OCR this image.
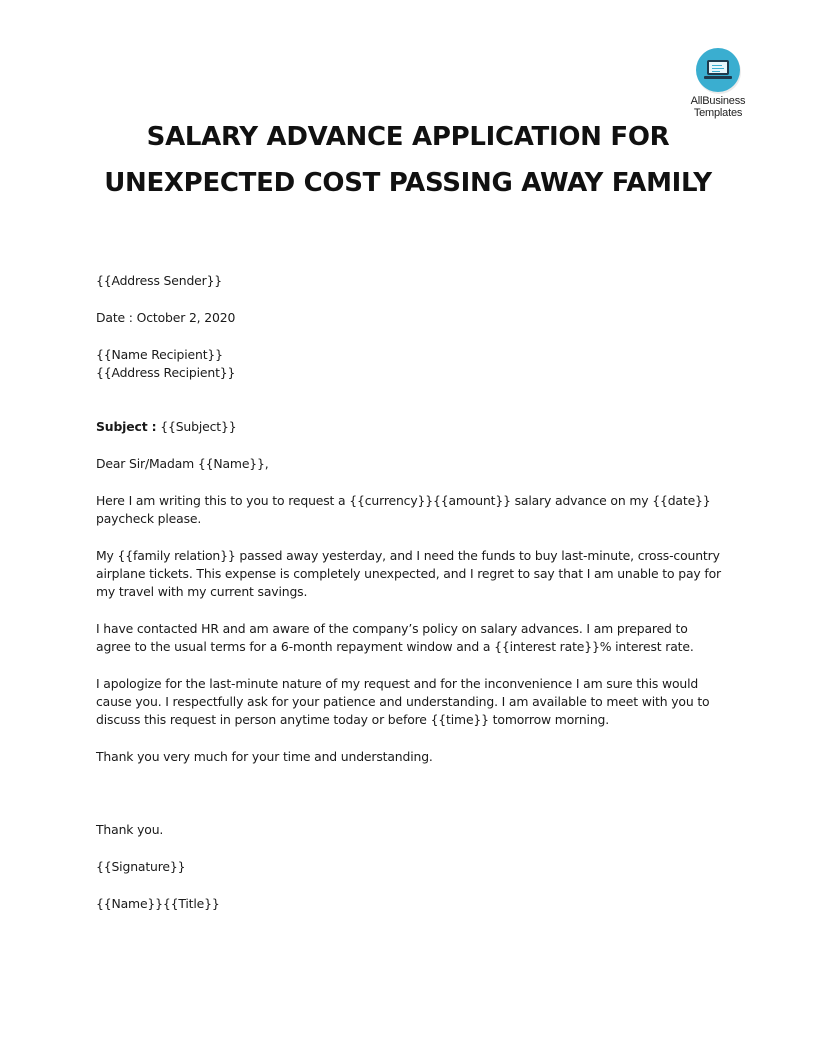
AllBusiness
Templates
SALARY ADVANCE APPLICATION FOR
UNEXPECTED COST PASSING AWAY FAMILY

{{Address Sender}}

Date : October 2, 2020

{{Name Recipient}}

{{Address Recipient}}

Subject : {{Subject}}

Dear Sir/Madam {{Name}},

Here I am writing this to you to request a {{currency}}{{amount}} salary advance on my {{date}} paycheck please.

My {{family relation}} passed away yesterday, and I need the funds to buy last-minute, cross-country airplane tickets. This expense is completely unexpected, and I regret to say that I am unable to pay for my travel with my current savings.

I have contacted HR and am aware of the company’s policy on salary advances. I am prepared to agree to the usual terms for a 6-month repayment window and a {{interest rate}}% interest rate.

I apologize for the last-minute nature of my request and for the inconvenience I am sure this would cause you. I respectfully ask for your patience and understanding. I am available to meet with you to discuss this request in person anytime today or before {{time}} tomorrow morning.

Thank you very much for your time and understanding.

Thank you.

{{Signature}}

{{Name}}{{Title}}
